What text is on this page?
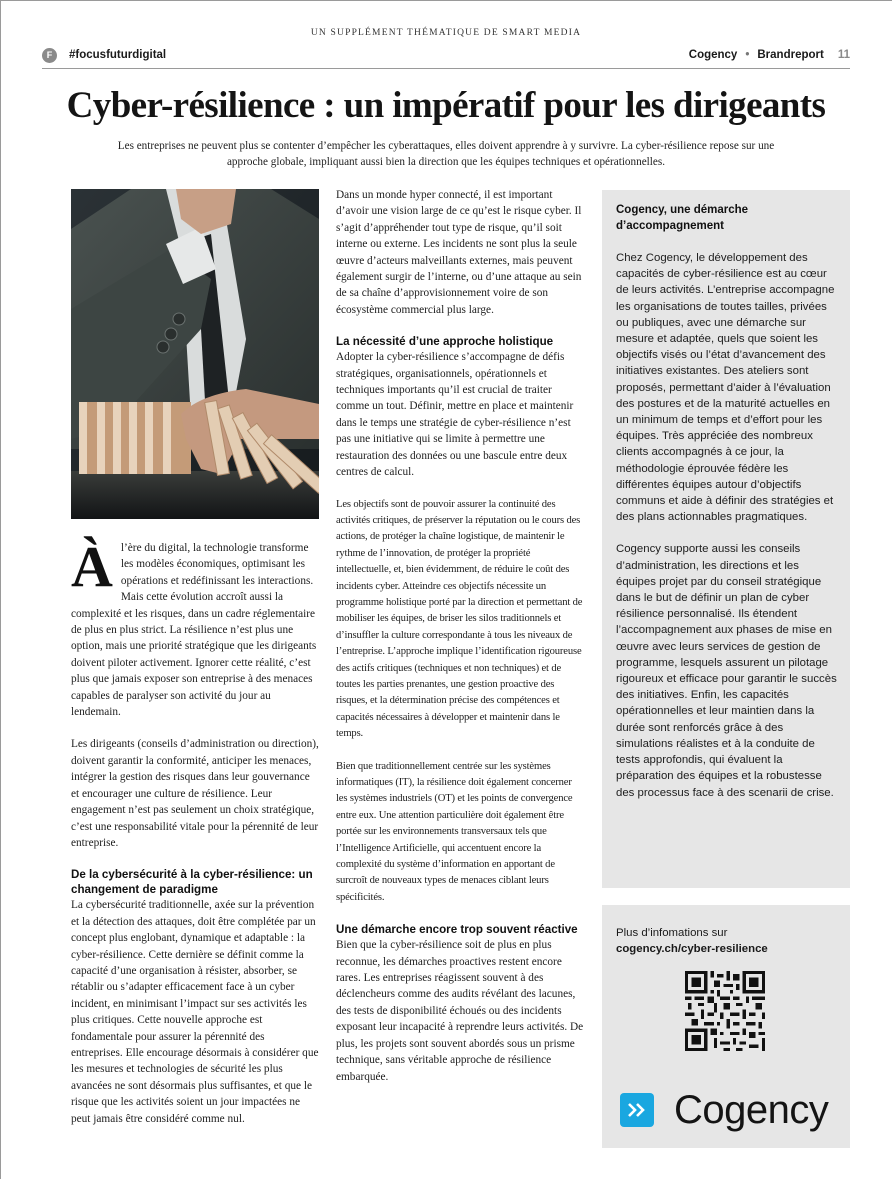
UN SUPPLÉMENT THÉMATIQUE DE SMART MEDIA
F	#focusfuturdigital	Cogency • Brandreport 11
Cyber-résilience : un impératif pour les dirigeants

Les entreprises ne peuvent plus se contenter d’empêcher les cyberattaques, elles doivent apprendre à y survivre. La cyber-résilience repose sur une approche globale, impliquant aussi bien la direction que les équipes techniques et opérationnelles.

À l’ère du digital, la technologie transforme les modèles économiques, optimisant les opérations et redéfinissant les interactions. Mais cette évolution accroît aussi la complexité et les risques, dans un cadre réglementaire de plus en plus strict. La résilience n’est plus une option, mais une priorité stratégique que les dirigeants doivent piloter activement. Ignorer cette réalité, c’est plus que jamais exposer son entreprise à des menaces capables de paralyser son activité du jour au lendemain.

Les dirigeants (conseils d’administration ou direction), doivent garantir la conformité, anticiper les menaces, intégrer la gestion des risques dans leur gouvernance et encourager une culture de résilience. Leur engagement n’est pas seulement un choix stratégique, c’est une responsabilité vitale pour la pérennité de leur entreprise.

De la cybersécurité à la cyber-résilience: un changement de paradigme

La cybersécurité traditionnelle, axée sur la prévention et la détection des attaques, doit être complétée par un concept plus englobant, dynamique et adaptable : la cyber-résilience. Cette dernière se définit comme la capacité d’une organisation à résister, absorber, se rétablir ou s’adapter efficacement face à un cyber incident, en minimisant l’impact sur ses activités les plus critiques. Cette nouvelle approche est fondamentale pour assurer la pérennité des entreprises. Elle encourage désormais à considérer que les mesures et technologies de sécurité les plus avancées ne sont désormais plus suffisantes, et que le risque que les activités soient un jour impactées ne peut jamais être considéré comme nul.

Dans un monde hyper connecté, il est important d’avoir une vision large de ce qu’est le risque cyber. Il s’agit d’appréhender tout type de risque, qu’il soit interne ou externe. Les incidents ne sont plus la seule œuvre d’acteurs malveillants externes, mais peuvent également surgir de l’interne, ou d’une attaque au sein de sa chaîne d’approvisionnement voire de son écosystème commercial plus large.

La nécessité d’une approche holistique

Adopter la cyber-résilience s’accompagne de défis stratégiques, organisationnels, opérationnels et techniques importants qu’il est crucial de traiter comme un tout. Définir, mettre en place et maintenir dans le temps une stratégie de cyber-résilience n’est pas une initiative qui se limite à permettre une restauration des données ou une bascule entre deux centres de calcul.

Les objectifs sont de pouvoir assurer la continuité des activités critiques, de préserver la réputation ou le cours des actions, de protéger la chaîne logistique, de maintenir le rythme de l’innovation, de protéger la propriété intellectuelle, et, bien évidemment, de réduire le coût des incidents cyber. Atteindre ces objectifs nécessite un programme holistique porté par la direction et permettant de mobiliser les équipes, de briser les silos traditionnels et d’insuffler la culture correspondante à tous les niveaux de l’entreprise. L’approche implique l’identification rigoureuse des actifs critiques (techniques et non techniques) et de toutes les parties prenantes, une gestion proactive des risques, et la détermination précise des compétences et capacités nécessaires à développer et maintenir dans le temps.

Bien que traditionnellement centrée sur les systèmes informatiques (IT), la résilience doit également concerner les systèmes industriels (OT) et les points de convergence entre eux. Une attention particulière doit également être portée sur les environnements transversaux tels que l’Intelligence Artificielle, qui accentuent encore la complexité du système d’information en apportant de surcroît de nouveaux types de menaces ciblant leurs spécificités.

Une démarche encore trop souvent réactive

Bien que la cyber-résilience soit de plus en plus reconnue, les démarches proactives restent encore rares. Les entreprises réagissent souvent à des déclencheurs comme des audits révélant des lacunes, des tests de disponibilité échoués ou des incidents exposant leur incapacité à reprendre leurs activités. De plus, les projets sont souvent abordés sous un prisme technique, sans véritable approche de résilience embarquée.

Cogency, une démarche d’accompagnement

Chez Cogency, le développement des capacités de cyber-résilience est au cœur de leurs activités. L’entreprise accompagne les organisations de toutes tailles, privées ou publiques, avec une démarche sur mesure et adaptée, quels que soient les objectifs visés ou l’état d’avancement des initiatives existantes. Des ateliers sont proposés, permettant d’aider à l’évaluation des postures et de la maturité actuelles en un minimum de temps et d’effort pour les équipes. Très appréciée des nombreux clients accompagnés à ce jour, la méthodologie éprouvée fédère les différentes équipes autour d’objectifs communs et aide à définir des stratégies et des plans actionnables pragmatiques.

Cogency supporte aussi les conseils d’administration, les directions et les équipes projet par du conseil stratégique dans le but de définir un plan de cyber résilience personnalisé. Ils étendent l’accompagnement aux phases de mise en œuvre avec leurs services de gestion de programme, lesquels assurent un pilotage rigoureux et efficace pour garantir le succès des initiatives. Enfin, les capacités opérationnelles et leur maintien dans la durée sont renforcés grâce à des simulations réalistes et à la conduite de tests approfondis, qui évaluent la préparation des équipes et la robustesse des processus face à des scenarii de crise.

Plus d’infomations sur
cogency.ch/cyber-resilience
Cogency
